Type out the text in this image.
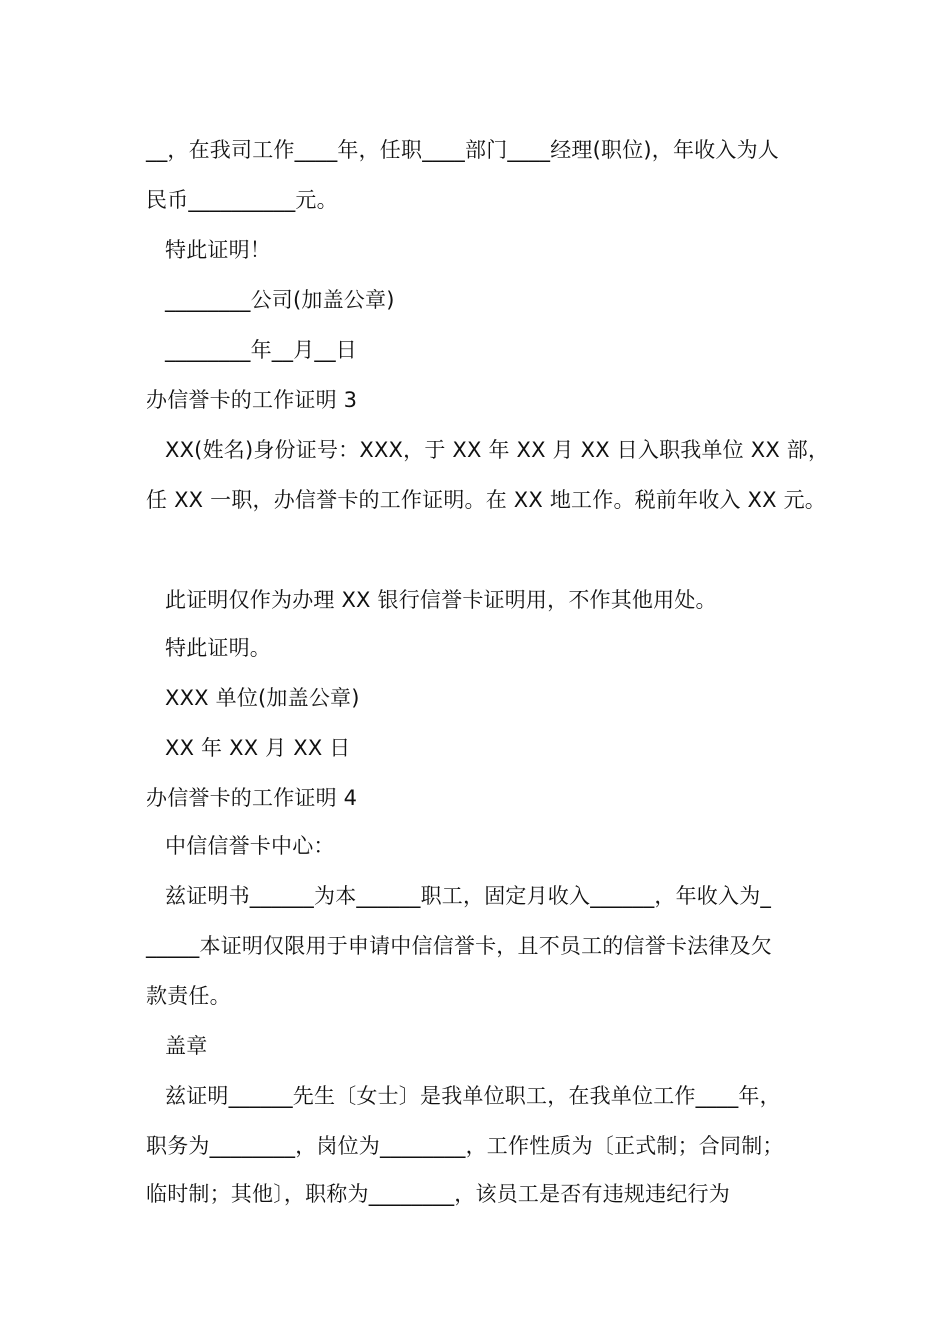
__，在我司工作____年，任职____部门____经理(职位)，年收入为人
民币__________元。
特此证明！
________公司(加盖公章)
________年__月__日
办信誉卡的工作证明 3
XX(姓名)身份证号：XXX，于 XX 年 XX 月 XX 日入职我单位 XX 部，
任 XX 一职，办信誉卡的工作证明。在 XX 地工作。税前年收入 XX 元。
此证明仅作为办理 XX 银行信誉卡证明用，不作其他用处。
特此证明。
XXX 单位(加盖公章)
XX 年 XX 月 XX 日
办信誉卡的工作证明 4
中信信誉卡中心：
兹证明书______为本______职工，固定月收入______，年收入为_
_____本证明仅限用于申请中信信誉卡，且不员工的信誉卡法律及欠
款责任。
盖章
兹证明______先生〔女士〕是我单位职工，在我单位工作____年，
职务为________，岗位为________，工作性质为〔正式制；合同制；
临时制；其他〕，职称为________，该员工是否有违规违纪行为
